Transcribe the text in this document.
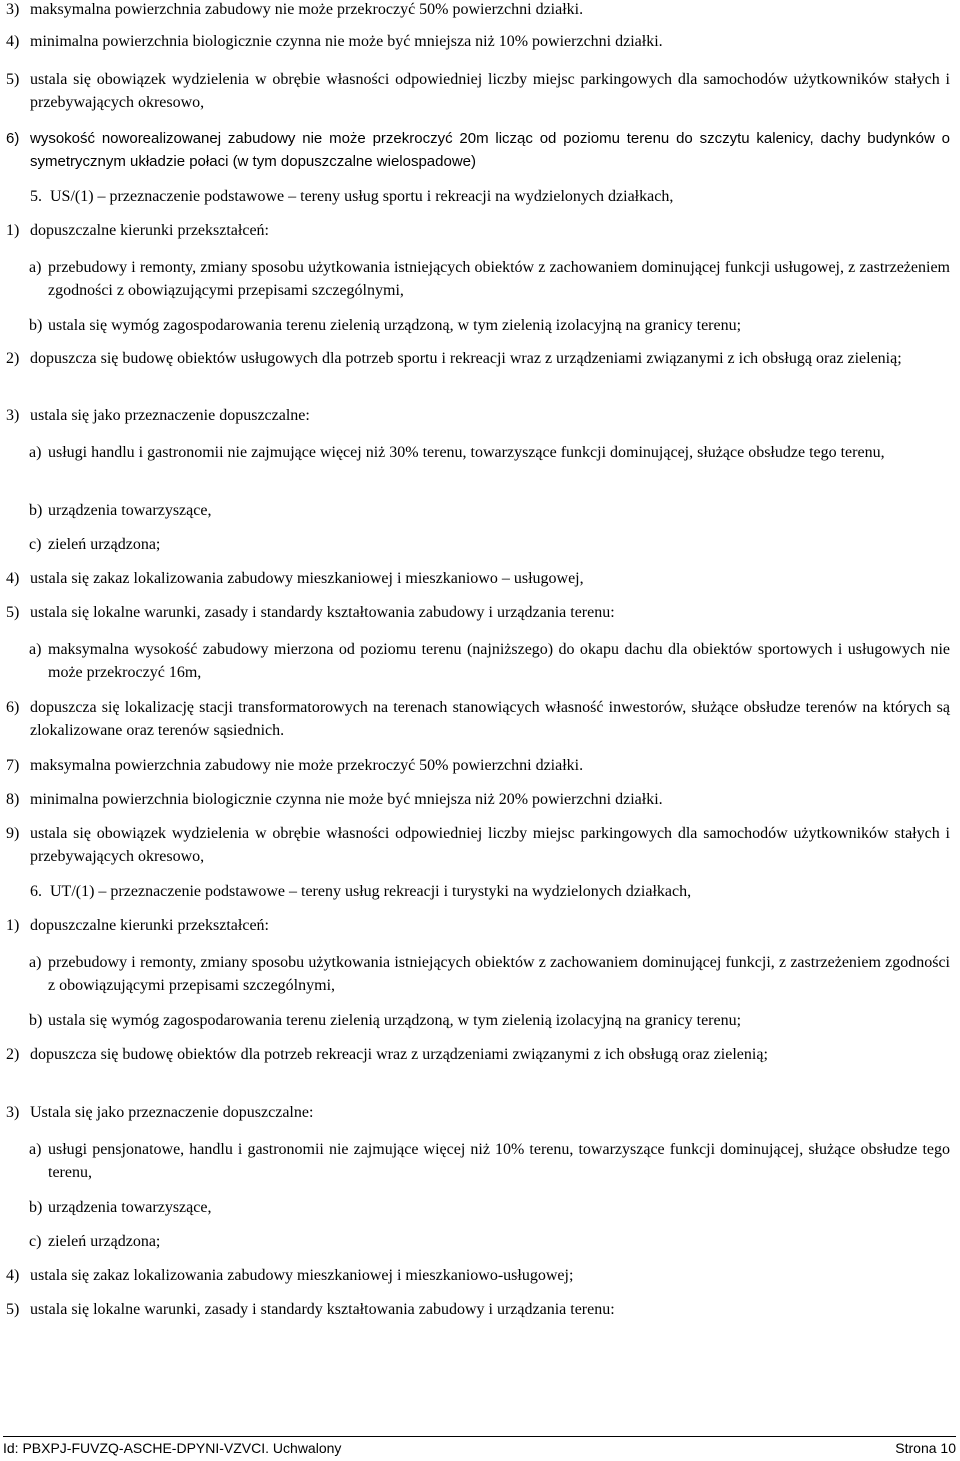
3) maksymalna powierzchnia zabudowy nie może przekroczyć 50% powierzchni działki.
4) minimalna powierzchnia biologicznie czynna nie może być mniejsza niż 10% powierzchni działki.
5) ustala się obowiązek wydzielenia w obrębie własności odpowiedniej liczby miejsc parkingowych dla samochodów użytkowników stałych i przebywających okresowo,
6) wysokość noworealizowanej zabudowy nie może przekroczyć 20m licząc od poziomu terenu do szczytu kalenicy, dachy budynków o symetrycznym układzie połaci (w tym dopuszczalne wielospadowe)
5. US/(1) – przeznaczenie podstawowe – tereny usług sportu i rekreacji na wydzielonych działkach,
1) dopuszczalne kierunki przekształceń:
a) przebudowy i remonty, zmiany sposobu użytkowania istniejących obiektów z zachowaniem dominującej funkcji usługowej, z zastrzeżeniem zgodności z obowiązującymi przepisami szczególnymi,
b) ustala się wymóg zagospodarowania terenu zielenią urządzoną, w tym zielenią izolacyjną na granicy terenu;
2) dopuszcza się budowę obiektów usługowych dla potrzeb sportu i rekreacji wraz z urządzeniami związanymi z ich obsługą oraz zielenią;
3) ustala się jako przeznaczenie dopuszczalne:
a) usługi handlu i gastronomii nie zajmujące więcej niż 30% terenu, towarzyszące funkcji dominującej, służące obsłudze tego terenu,
b) urządzenia towarzyszące,
c) zieleń urządzona;
4) ustala się zakaz lokalizowania zabudowy mieszkaniowej i mieszkaniowo – usługowej,
5) ustala się lokalne warunki, zasady i standardy kształtowania zabudowy i urządzania terenu:
a) maksymalna wysokość zabudowy mierzona od poziomu terenu (najniższego) do okapu dachu dla obiektów sportowych i usługowych nie może przekroczyć 16m,
6) dopuszcza się lokalizację stacji transformatorowych na terenach stanowiących własność inwestorów, służące obsłudze terenów na których są zlokalizowane oraz terenów sąsiednich.
7) maksymalna powierzchnia zabudowy nie może przekroczyć 50% powierzchni działki.
8) minimalna powierzchnia biologicznie czynna nie może być mniejsza niż 20% powierzchni działki.
9) ustala się obowiązek wydzielenia w obrębie własności odpowiedniej liczby miejsc parkingowych dla samochodów użytkowników stałych i przebywających okresowo,
6. UT/(1) – przeznaczenie podstawowe – tereny usług rekreacji i turystyki na wydzielonych działkach,
1) dopuszczalne kierunki przekształceń:
a) przebudowy i remonty, zmiany sposobu użytkowania istniejących obiektów z zachowaniem dominującej funkcji, z zastrzeżeniem zgodności z obowiązującymi przepisami szczególnymi,
b) ustala się wymóg zagospodarowania terenu zielenią urządzoną, w tym zielenią izolacyjną na granicy terenu;
2) dopuszcza się budowę obiektów dla potrzeb rekreacji wraz z urządzeniami związanymi z ich obsługą oraz zielenią;
3) Ustala się jako przeznaczenie dopuszczalne:
a) usługi pensjonatowe, handlu i gastronomii nie zajmujące więcej niż 10% terenu, towarzyszące funkcji dominującej, służące obsłudze tego terenu,
b) urządzenia towarzyszące,
c) zieleń urządzona;
4) ustala się zakaz lokalizowania zabudowy mieszkaniowej i mieszkaniowo-usługowej;
5) ustala się lokalne warunki, zasady i standardy kształtowania zabudowy i urządzania terenu:
Id: PBXPJ-FUVZQ-ASCHE-DPYNI-VZVCI. Uchwalony	Strona 10
